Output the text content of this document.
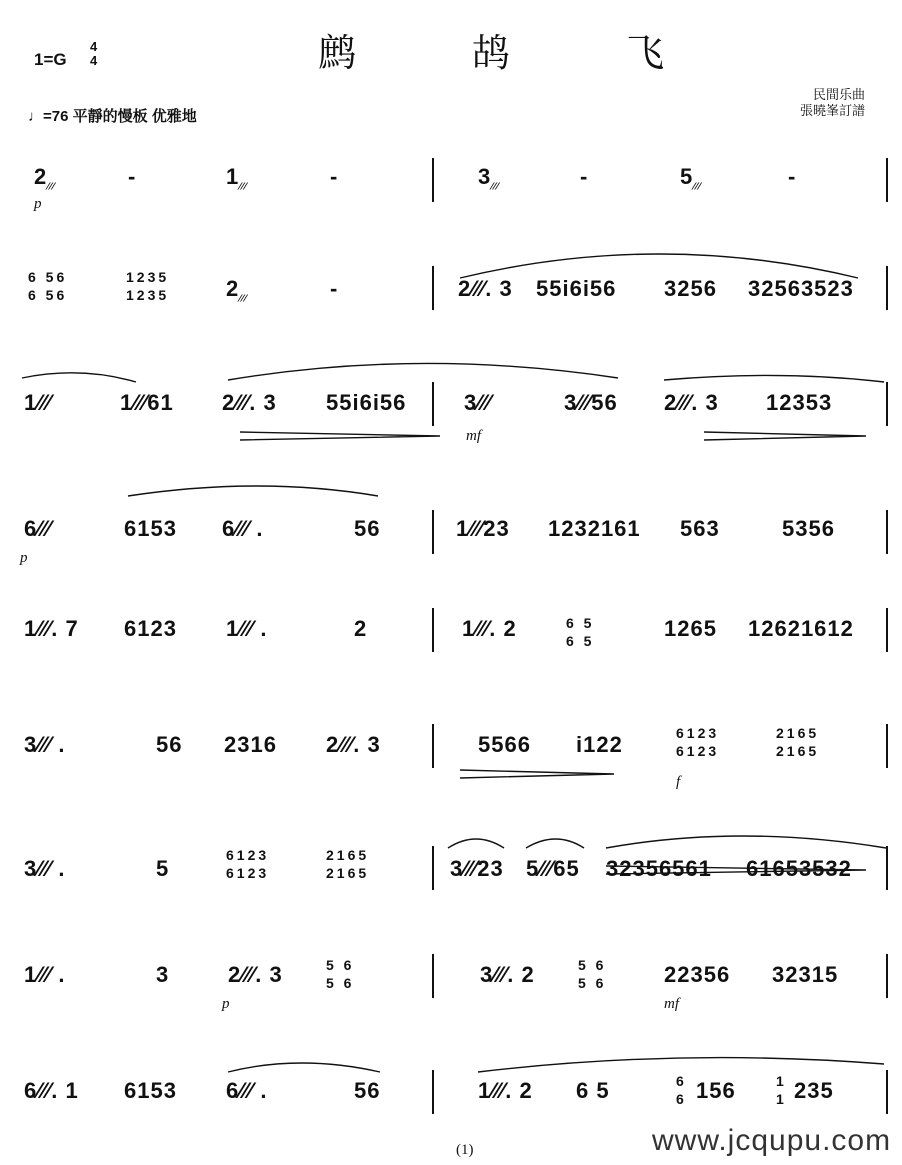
鹧 鸪 飞
1=G
4
4
♩=76 平靜的慢板 优雅地
民間乐曲
張曉峯訂譜
$2_{⁄⁄⁄}$	-	$1_{⁄⁄⁄}$	-	$3_{⁄⁄⁄}$	-	$5_{⁄⁄⁄}$	-
p
6 56
6 56
1235
1235	$2_{⁄⁄⁄}$	-	2⁄⁄⁄. 3 55i6i56 3256 32563523
1⁄⁄⁄	1⁄⁄⁄61 2⁄⁄⁄. 3 55i6i56	3⁄⁄⁄	3⁄⁄⁄56 2⁄⁄⁄. 3 12353
mf
6⁄⁄⁄	6153 6⁄⁄⁄ .	56	1⁄⁄⁄23 1232161 563	5356
p
1⁄⁄⁄. 7 6123 1⁄⁄⁄ .	2	1⁄⁄⁄. 2	6 5
6 5	1265 12621612
3⁄⁄⁄ .	56 2316 2⁄⁄⁄. 3	5566 i122	6123
6123
2165
2165
f
3⁄⁄⁄ .	5
6123
6123
2165
2165	3⁄⁄⁄23 5⁄⁄⁄65 32356561 61653532
1⁄⁄⁄ .	3	2⁄⁄⁄. 3	5 6
5 6	3⁄⁄⁄. 2	5 6
5 6	22356 32315
p	mf
6⁄⁄⁄. 1 6153 6⁄⁄⁄ .	56	1⁄⁄⁄. 2 6 5	6
6 156	1
1 235
(1)	www.jcqupu.com
